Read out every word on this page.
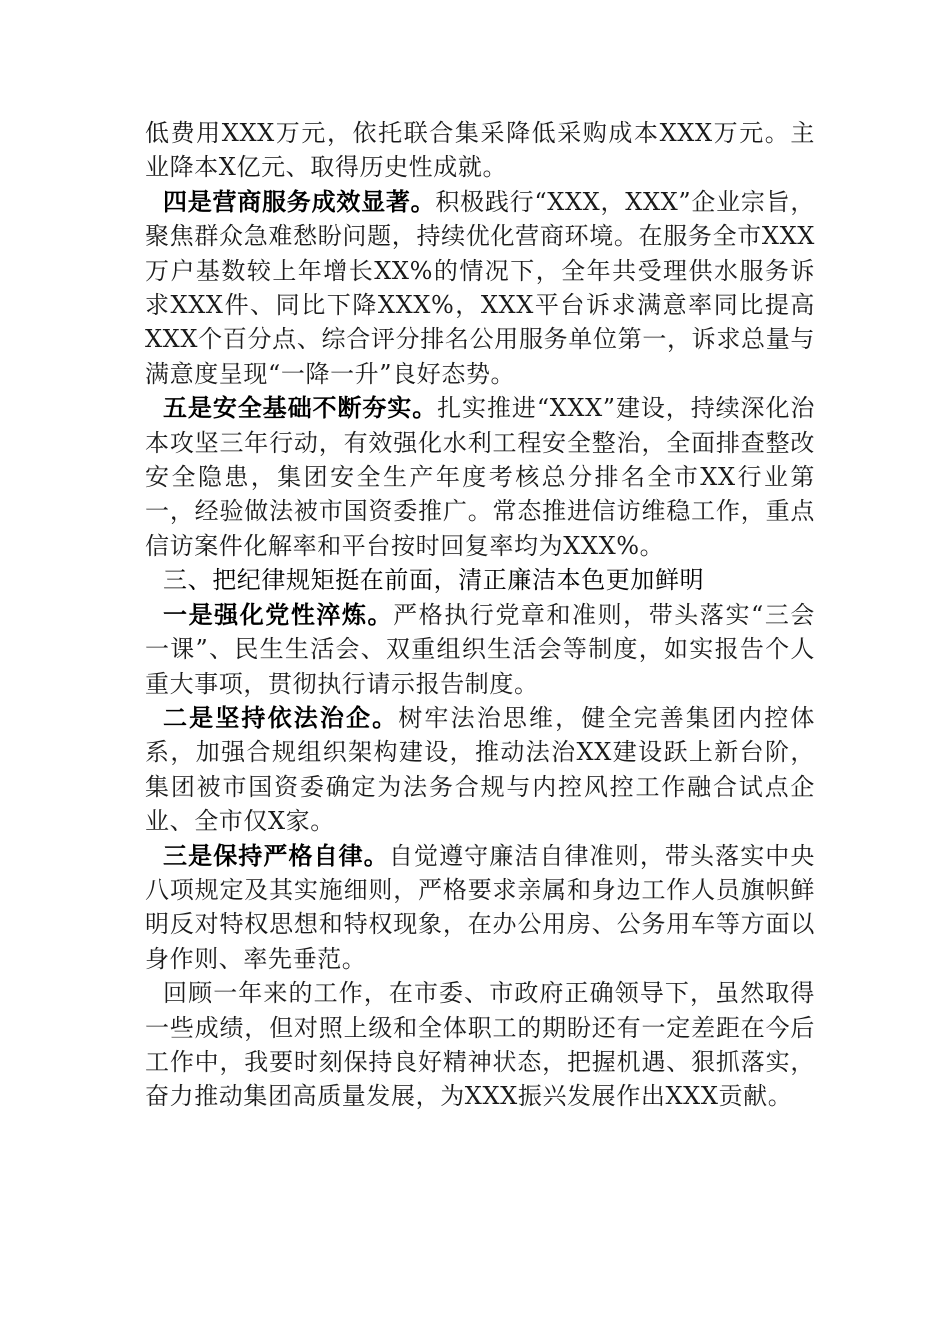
低费用XXX万元，依托联合集采降低采购成本XXX万元。主业降本X亿元、取得历史性成就。

四是营商服务成效显著。积极践行“XXX，XXX”企业宗旨，聚焦群众急难愁盼问题，持续优化营商环境。在服务全市XXX万户基数较上年增长XX%的情况下，全年共受理供水服务诉求XXX件、同比下降XXX%，XXX平台诉求满意率同比提高XXX个百分点、综合评分排名公用服务单位第一，诉求总量与满意度呈现“一降一升”良好态势。

五是安全基础不断夯实。扎实推进“XXX”建设，持续深化治本攻坚三年行动，有效强化水利工程安全整治，全面排查整改安全隐患，集团安全生产年度考核总分排名全市XX行业第一，经验做法被市国资委推广。常态推进信访维稳工作，重点信访案件化解率和平台按时回复率均为XXX%。

三、把纪律规矩挺在前面，清正廉洁本色更加鲜明

一是强化党性淬炼。严格执行党章和准则，带头落实“三会一课”、民生生活会、双重组织生活会等制度，如实报告个人重大事项，贯彻执行请示报告制度。

二是坚持依法治企。树牢法治思维，健全完善集团内控体系，加强合规组织架构建设，推动法治XX建设跃上新台阶，集团被市国资委确定为法务合规与内控风控工作融合试点企业、全市仅X家。

三是保持严格自律。自觉遵守廉洁自律准则，带头落实中央八项规定及其实施细则，严格要求亲属和身边工作人员旗帜鲜明反对特权思想和特权现象，在办公用房、公务用车等方面以身作则、率先垂范。

回顾一年来的工作，在市委、市政府正确领导下，虽然取得一些成绩，但对照上级和全体职工的期盼还有一定差距在今后工作中，我要时刻保持良好精神状态，把握机遇、狠抓落实，奋力推动集团高质量发展，为XXX振兴发展作出XXX贡献。
